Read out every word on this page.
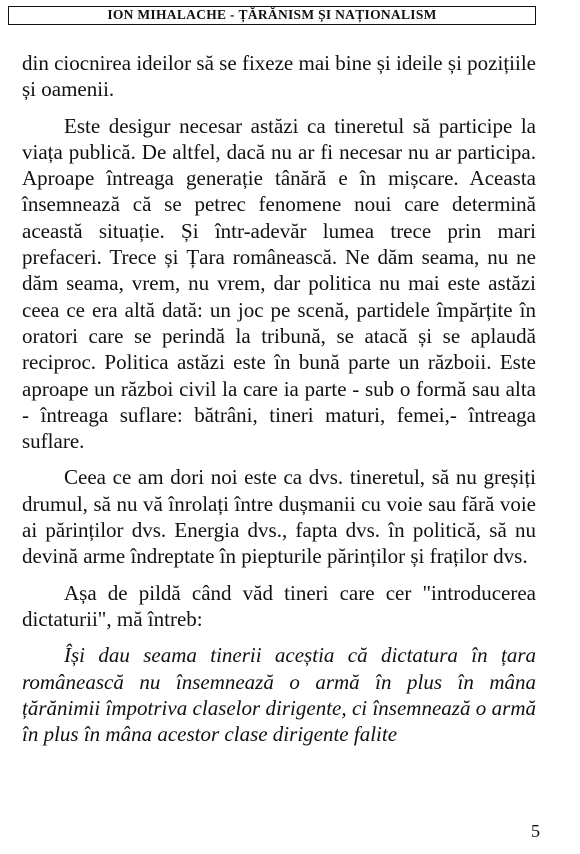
ION MIHALACHE - ȚĂRĂNISM ȘI NAȚIONALISM

din ciocnirea ideilor să se fixeze mai bine și ideile și pozițiile și oamenii.

Este desigur necesar astăzi ca tineretul să participe la viața publică. De altfel, dacă nu ar fi necesar nu ar participa. Aproape întreaga generație tânără e în mișcare. Aceasta însemnează că se petrec fenomene noui care determină această situație. Și într-adevăr lumea trece prin mari prefaceri. Trece și Țara românească. Ne dăm seama, nu ne dăm seama, vrem, nu vrem, dar politica nu mai este astăzi ceea ce era altă dată: un joc pe scenă, partidele împărțite în oratori care se perindă la tribună, se atacă și se aplaudă reciproc. Politica astăzi este în bună parte un războii. Este aproape un război civil la care ia parte - sub o formă sau alta - întreaga suflare: bătrâni, tineri maturi, femei,- întreaga suflare.

Ceea ce am dori noi este ca dvs. tineretul, să nu greșiți drumul, să nu vă înrolați între dușmanii cu voie sau fără voie ai părinților dvs. Energia dvs., fapta dvs. în politică, să nu devină arme îndreptate în piepturile părinților și fraților dvs.

Așa de pildă când văd tineri care cer "introducerea dictaturii", mă întreb:

Își dau seama tinerii aceștia că dictatura în țara românească nu însemnează o armă în plus în mâna țărănimii împotriva claselor dirigente, ci însemnează o armă în plus în mâna acestor clase dirigente falite

5
